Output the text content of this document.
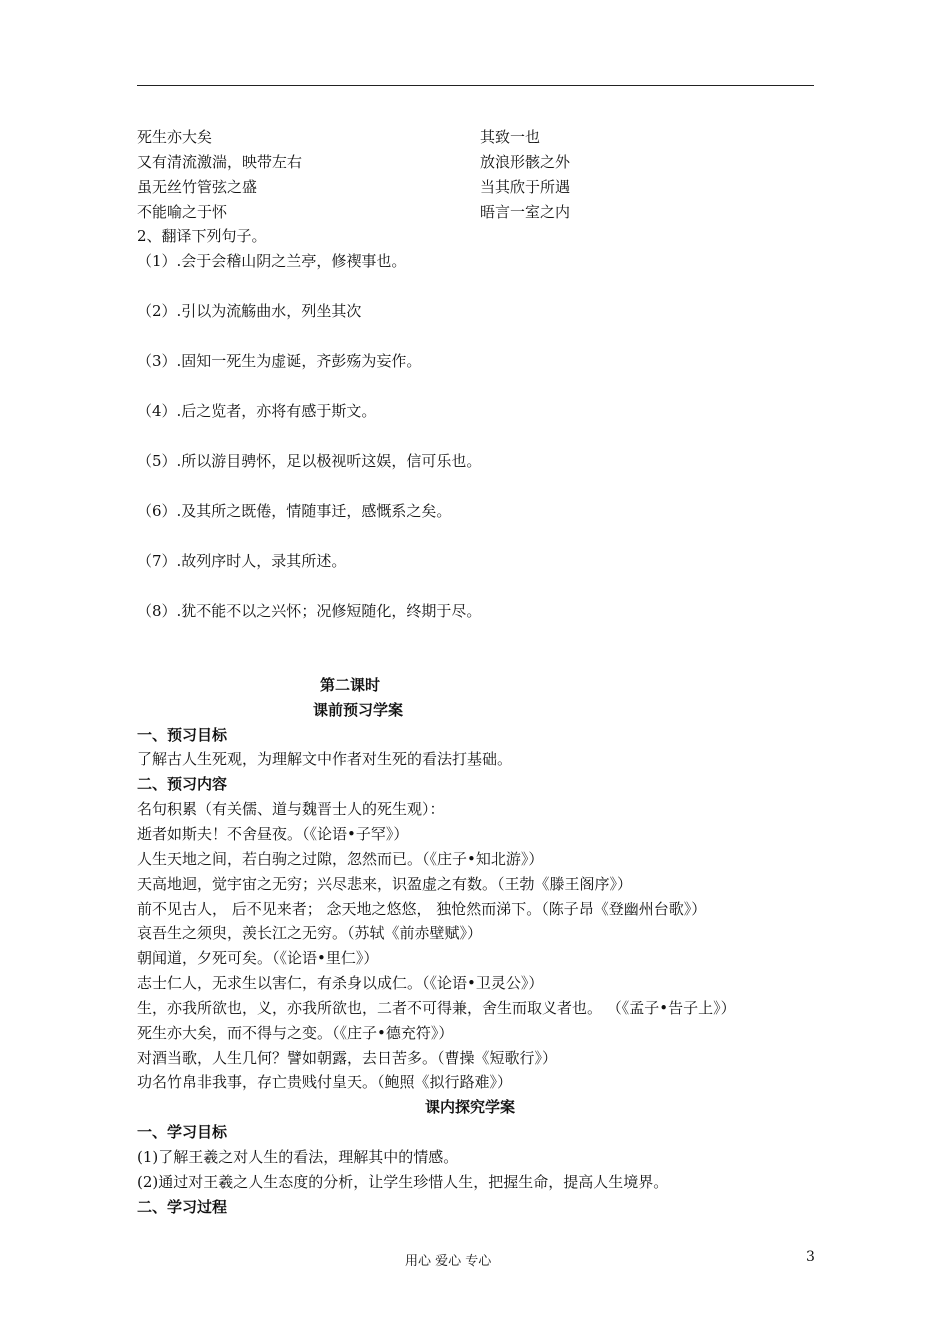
死生亦大矣	其致一也
又有清流激湍，映带左右	放浪形骸之外
虽无丝竹管弦之盛	当其欣于所遇
不能喻之于怀	晤言一室之内
2、翻译下列句子。
（1）.会于会稽山阴之兰亭，修禊事也。
（2）.引以为流觞曲水，列坐其次
（3）.固知一死生为虚诞，齐彭殇为妄作。
（4）.后之览者，亦将有感于斯文。
（5）.所以游目骋怀，足以极视听这娱，信可乐也。
（6）.及其所之既倦，情随事迁，感慨系之矣。
（7）.故列序时人，录其所述。
（8）.犹不能不以之兴怀；况修短随化，终期于尽。
第二课时
课前预习学案
一、预习目标
了解古人生死观，为理解文中作者对生死的看法打基础。
二、预习内容
名句积累（有关儒、道与魏晋士人的死生观）：
逝者如斯夫！不舍昼夜。（《论语•子罕》）
人生天地之间，若白驹之过隙，忽然而已。（《庄子•知北游》）
天高地迥，觉宇宙之无穷；兴尽悲来，识盈虚之有数。（王勃《滕王阁序》）
前不见古人， 后不见来者； 念天地之悠悠， 独怆然而涕下。（陈子昂《登幽州台歌》）
哀吾生之须臾，羡长江之无穷。（苏轼《前赤壁赋》）
朝闻道，夕死可矣。（《论语•里仁》）
志士仁人，无求生以害仁，有杀身以成仁。（《论语•卫灵公》）
生，亦我所欲也，义，亦我所欲也，二者不可得兼，舍生而取义者也。 （《孟子•告子上》）
死生亦大矣，而不得与之变。（《庄子•德充符》）
对酒当歌，人生几何？譬如朝露，去日苦多。（曹操《短歌行》）
功名竹帛非我事，存亡贵贱付皇天。（鲍照《拟行路难》）
课内探究学案
一、学习目标
(1)了解王羲之对人生的看法，理解其中的情感。
(2)通过对王羲之人生态度的分析，让学生珍惜人生，把握生命，提高人生境界。
二、学习过程
用心 爱心 专心	3
